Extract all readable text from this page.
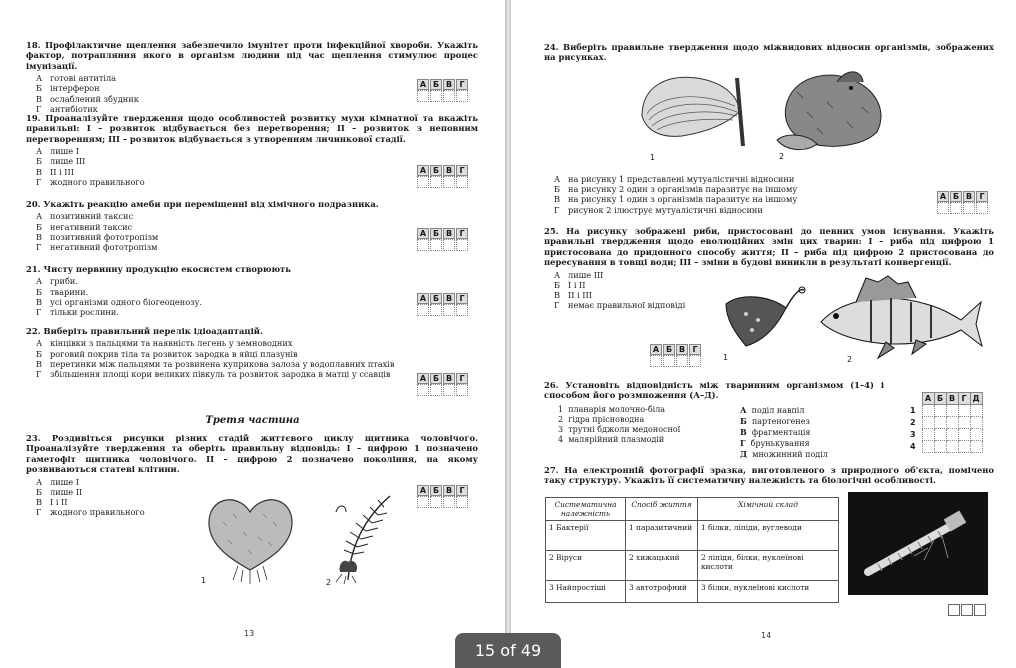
18. Профілактичне щеплення забезпечило імунітет проти інфекційної хвороби. Укажіть фактор, потрапляння якого в організм людини під час щеплення стимулює процес імунізації.
А готові антитіла
Б інтерферон
В ослаблений збудник
Г	антибіотик
А Б В Г
19. Проаналізуйте твердження щодо особливостей розвитку мухи кімнатної та вкажіть правильні: І – розвиток відбувається без перетворення; ІІ – розвиток з неповним перетворенням; ІІІ – розвиток відбувається з утворенням личинкової стадії.
А лише І
Б лише ІІІ
В ІІ і ІІІ
Г	жодного правильного
А Б В Г
20. Укажіть реакцію амеби при переміщенні від хімічного подразника.
А позитивний таксис
Б негативний таксис
В позитивний фототропізм
Г	негативний фототропізм
А Б В Г
21. Чисту первинну продукцію екосистем створюють
А гриби.
Б тварини.
В усі організми одного біогеоценозу.
Г	тільки рослини.
А Б В Г
22. Виберіть правильний перелік ідіоадаптацій.
А кінцівки з пальцями та наявність легень у земноводних
Б роговий покрив тіла та розвиток зародка в яйці плазунів
В перетинки між пальцями та розвинена куприкова залоза у водоплавних птахів
Г	збільшення площі кори великих півкуль та розвиток зародка в матці у ссавців	А Б В Г
Третя частина
23. Роздивіться рисунки різних стадій життєвого циклу щитника чоловічого. Проаналізуйте твердження та оберіть правильну відповідь: І – цифрою 1 позначено гаметофіт щитника чоловічого. ІІ – цифрою 2 позначено покоління, на якому розвиваються статеві клітини.
А лише І
Б лише ІІ
В І і ІІ
Г	жодного правильного
А Б В Г
1	2
13
24. Виберіть правильне твердження щодо міжвидових відносин організмів, зображених на рисунках.
1	2
А на рисунку 1 представлені мутуалістичні відносини
Б на рисунку 2 один з організмів паразитує на іншому
В на рисунку 1 один з організмів паразитує на іншому
Г	рисунок 2 ілюструє мутуалістичні відносини
А Б В Г
25. На рисунку зображені риби, пристосовані до певних умов існування. Укажіть правильні твердження щодо еволюційних змін цих тварин: І – риба під цифрою 1 пристосована до придонного способу життя; ІІ – риба під цифрою 2 пристосована до пересування в товщі води; ІІІ – зміни в будові виникли в результаті конвергенції.
А лише ІІІ
Б І і ІІ
В ІІ і ІІІ
Г	немає правильної відповіді
1	2
А Б В Г
26. Установіть відповідність між тваринним організмом (1–4) і способом його розмноження (А–Д).
1 планарія молочно-біла
2 гідра прісноводна
3 трутні бджоли медоносної
4 малярійний плазмодій
А поділ навпіл
Б партеногенез
В фрагментація
Г брунькування
Д множинний поділ
	А	Б	В	Г	Д
1					
2					
3					
4					
27. На електронній фотографії зразка, виготовленого з природного об'єкта, помічено таку структуру. Укажіть її систематичну належність та біологічні особливості.
Систематична належність	Спосіб життя	Хімічний склад
1 Бактерії	1 паразитичний	1 білки, ліпіди, вуглеводи
2 Віруси	2 хижацький	2 ліпіди, білки, нуклеїнові кислоти
3 Найпростіші	3 автотрофний	3 білки, нуклеїнові кислоти
14
15 of 49
